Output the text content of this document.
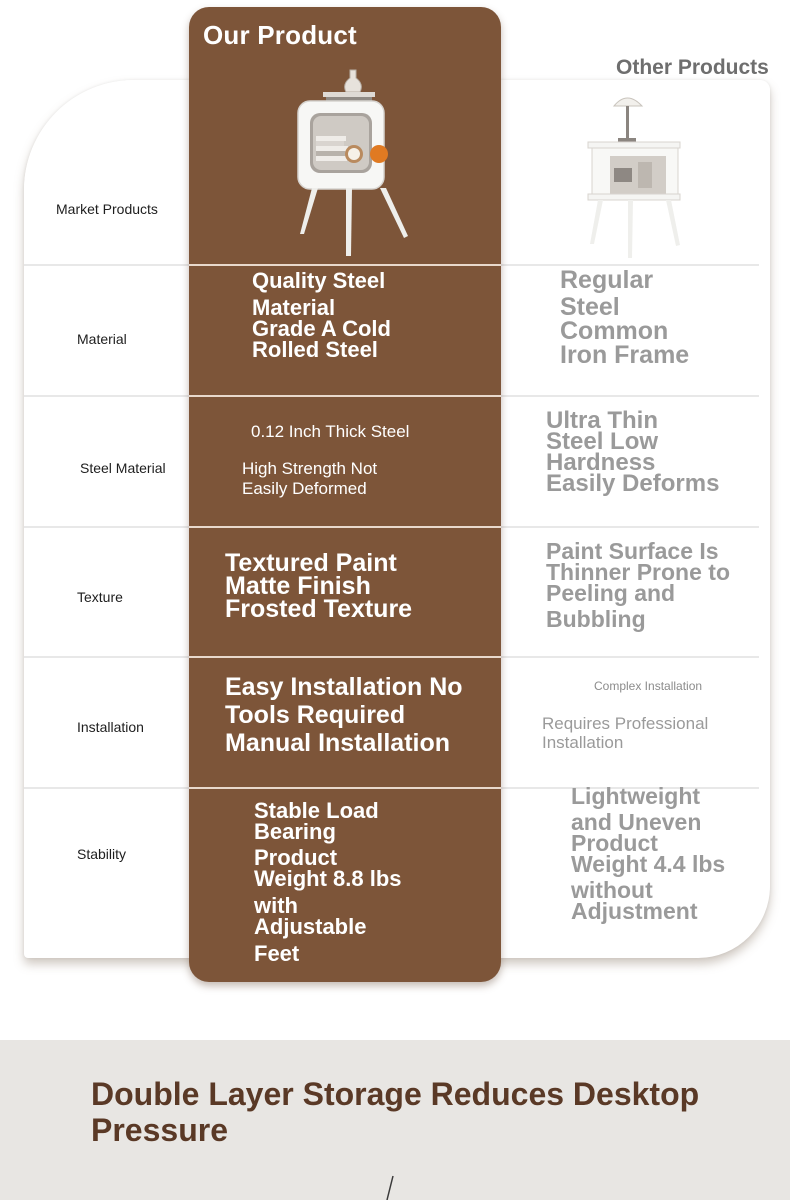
Our Product
Other Products
Market Products
Material
Steel Material
Texture
Installation
Stability
Quality Steel
Material
Grade A Cold
Rolled Steel
Regular
Steel
Common
Iron Frame
0.12 Inch Thick Steel
High Strength Not
Easily Deformed
Ultra Thin
Steel Low
Hardness
Easily Deforms
Textured Paint
Matte Finish
Frosted Texture
Paint Surface Is
Thinner Prone to
Peeling and
Bubbling
Easy Installation No
Tools Required
Manual Installation
Complex Installation
Requires Professional
Installation
Stable Load
Bearing
Product
Weight 8.8 lbs
with
Adjustable
Feet
Lightweight
and Uneven
Product
Weight 4.4 lbs
without
Adjustment
Double Layer Storage Reduces Desktop Pressure
